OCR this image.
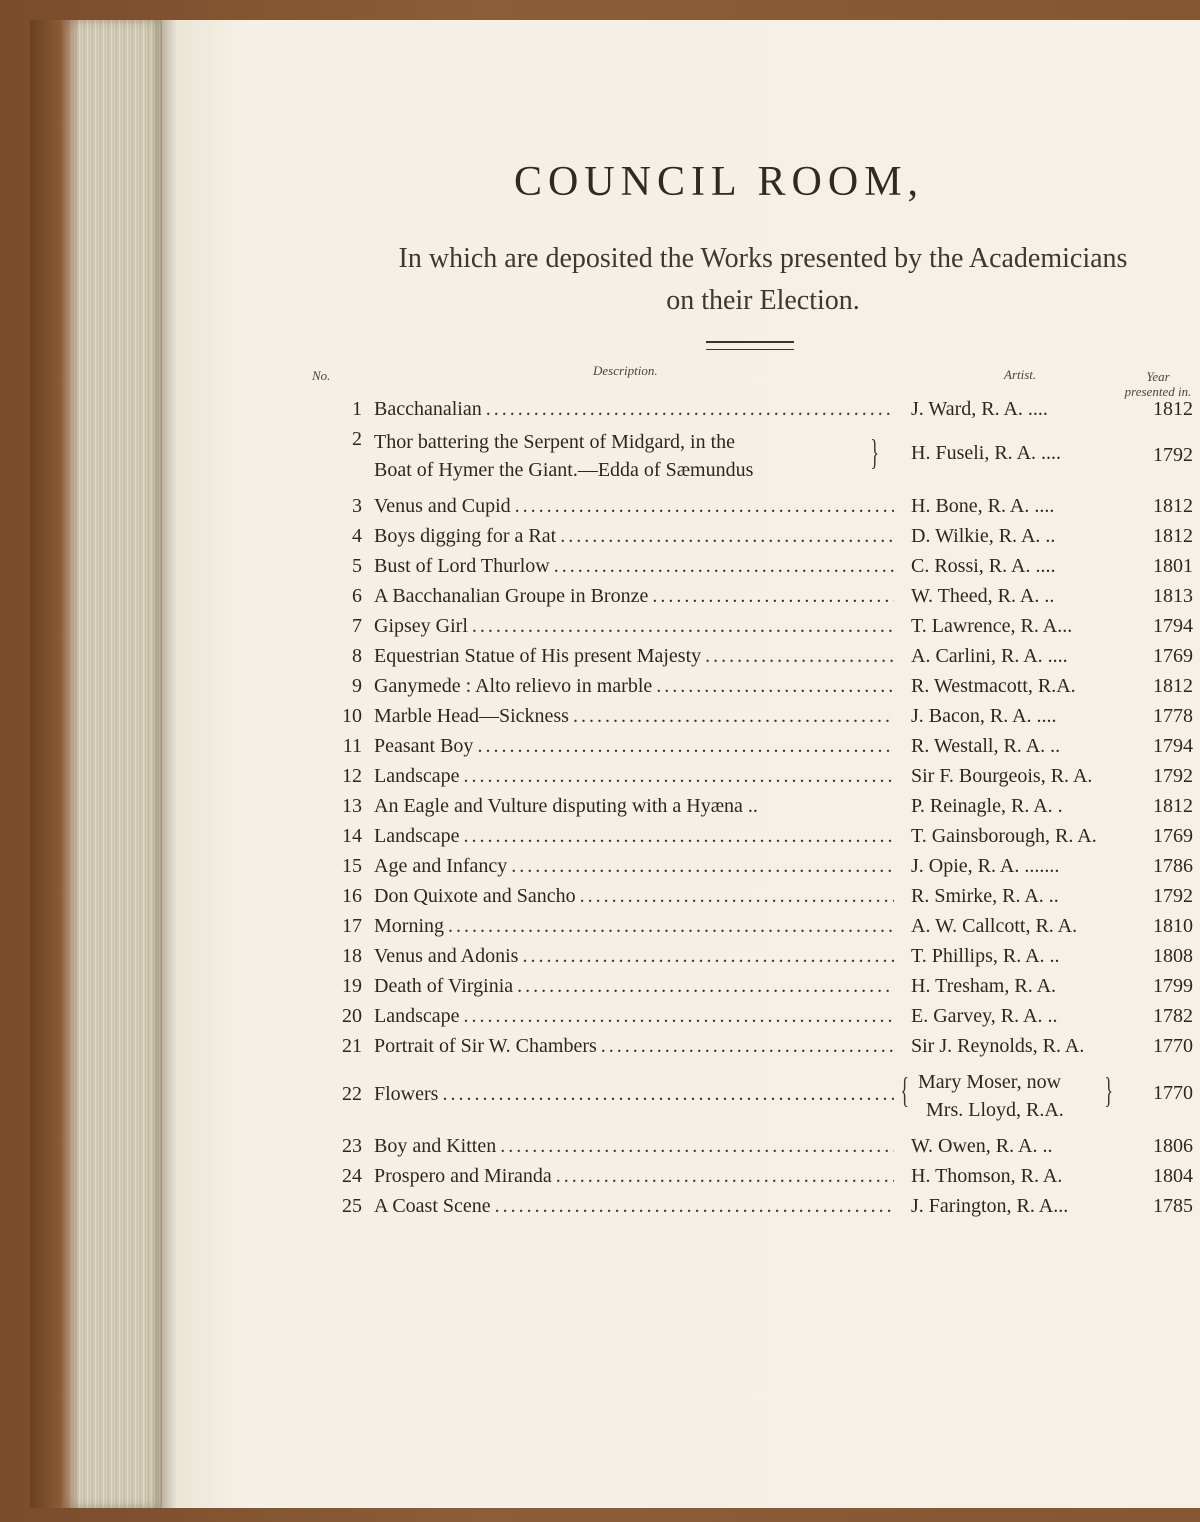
COUNCIL ROOM,
In which are deposited the Works presented by the Academicians
on their Election.
No.	Description.	Artist.	Year
presented in.
1 Bacchanalian .....	J. Ward, R. A. ....	1812
2 Thor battering the Serpent of Midgard, in the
Boat of Hymer the Giant.—Edda of Sæmundus	} H. Fuseli, R. A. ....	1792
3 Venus and Cupid .....	H. Bone, R. A. ....	1812
4 Boys digging for a Rat .....	D. Wilkie, R. A. ..	1812
5 Bust of Lord Thurlow .....	C. Rossi, R. A. ....	1801
6 A Bacchanalian Groupe in Bronze .....	W. Theed, R. A. ..	1813
7 Gipsey Girl .....	T. Lawrence, R. A...	1794
8 Equestrian Statue of His present Majesty .....	A. Carlini, R. A. ....	1769
9 Ganymede : Alto relievo in marble .....	R. Westmacott, R.A.	1812
10 Marble Head—Sickness .....	J. Bacon, R. A. ....	1778
11 Peasant Boy .....	R. Westall, R. A. ..	1794
12 Landscape .....	Sir F. Bourgeois, R. A.	1792
13 An Eagle and Vulture disputing with a Hyæna ..	P. Reinagle, R. A. .	1812
14 Landscape .....	T. Gainsborough, R. A.	1769
15 Age and Infancy .....	J. Opie, R. A. .......	1786
16 Don Quixote and Sancho .....	R. Smirke, R. A. ..	1792
17 Morning .....	A. W. Callcott, R. A.	1810
18 Venus and Adonis .....	T. Phillips, R. A. ..	1808
19 Death of Virginia .....	H. Tresham, R. A.	1799
20 Landscape .....	E. Garvey, R. A. ..	1782
21 Portrait of Sir W. Chambers .....	Sir J. Reynolds, R. A.	1770
22 Flowers .....	{ Mary Moser, now
Mrs. Lloyd, R.A.	} 1770
23 Boy and Kitten .....	W. Owen, R. A. ..	1806
24 Prospero and Miranda .....	H. Thomson, R. A.	1804
25 A Coast Scene .....	J. Farington, R. A...	1785
